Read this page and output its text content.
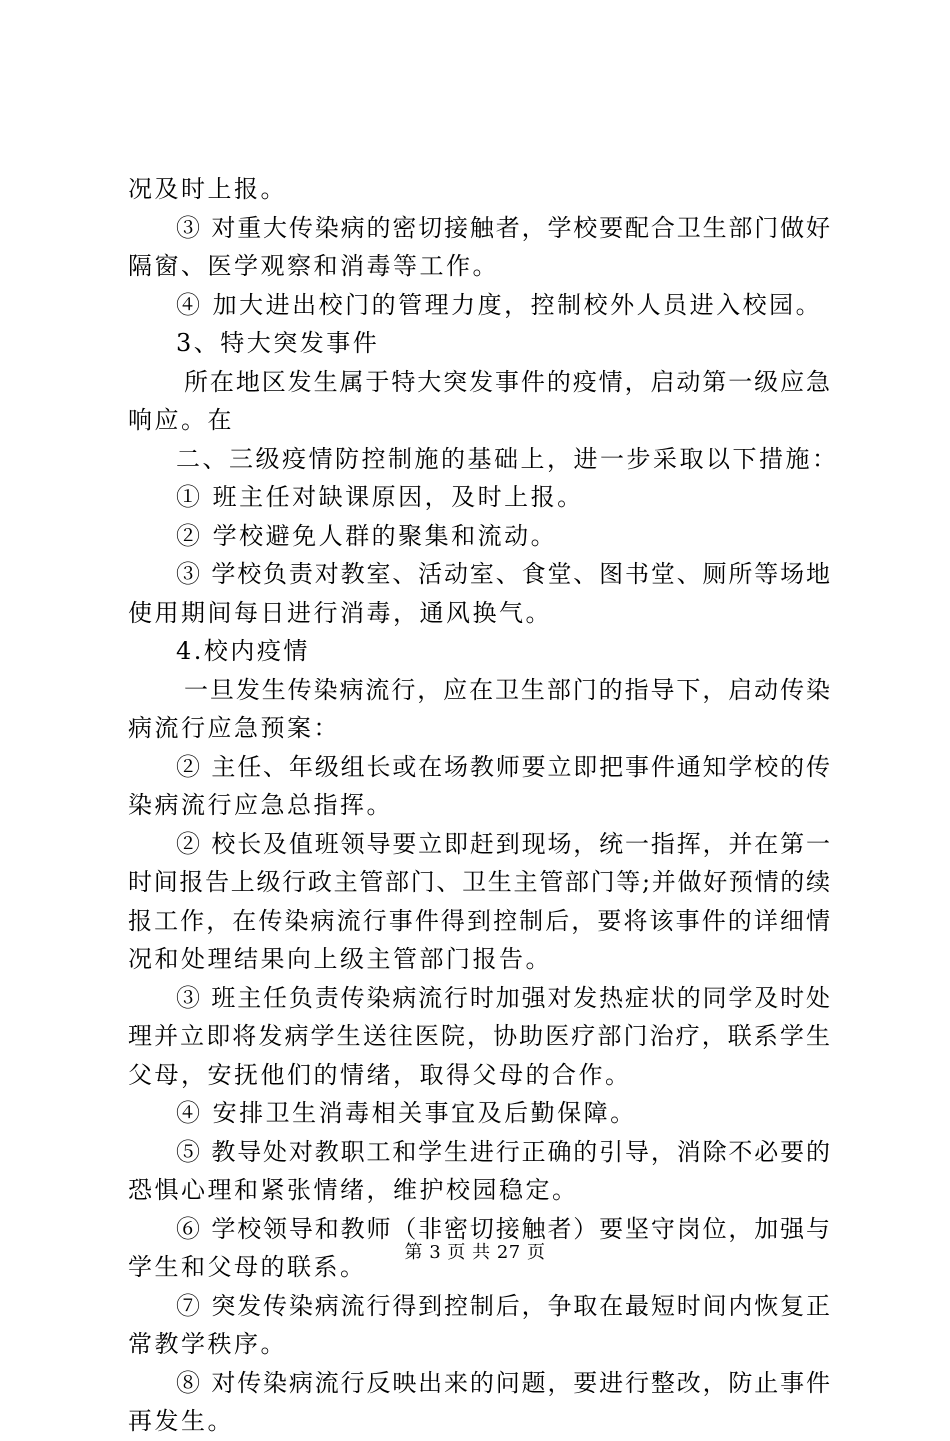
况及时上报。
③ 对重大传染病的密切接触者，学校要配合卫生部门做好
隔窗、医学观察和消毒等工作。
④ 加大进出校门的管理力度，控制校外人员进入校园。
3、特大突发事件
所在地区发生属于特大突发事件的疫情，启动第一级应急
响应。在
二、三级疫情防控制施的基础上，进一步采取以下措施：
① 班主任对缺课原因，及时上报。
② 学校避免人群的聚集和流动。
③ 学校负责对教室、活动室、食堂、图书堂、厕所等场地
使用期间每日进行消毒，通风换气。
4.校内疫情
一旦发生传染病流行，应在卫生部门的指导下，启动传染
病流行应急预案：
② 主任、年级组长或在场教师要立即把事件通知学校的传
染病流行应急总指挥。
② 校长及值班领导要立即赶到现场，统一指挥，并在第一
时间报告上级行政主管部门、卫生主管部门等;并做好预情的续
报工作，在传染病流行事件得到控制后，要将该事件的详细情
况和处理结果向上级主管部门报告。
③ 班主任负责传染病流行时加强对发热症状的同学及时处
理并立即将发病学生送往医院，协助医疗部门治疗，联系学生
父母，安抚他们的情绪，取得父母的合作。
④ 安排卫生消毒相关事宜及后勤保障。
⑤ 教导处对教职工和学生进行正确的引导，消除不必要的
恐惧心理和紧张情绪，维护校园稳定。
⑥ 学校领导和教师（非密切接触者）要坚守岗位，加强与
学生和父母的联系。
⑦ 突发传染病流行得到控制后，争取在最短时间内恢复正
常教学秩序。
⑧ 对传染病流行反映出来的问题，要进行整改，防止事件
再发生。
第 3 页 共 27 页
